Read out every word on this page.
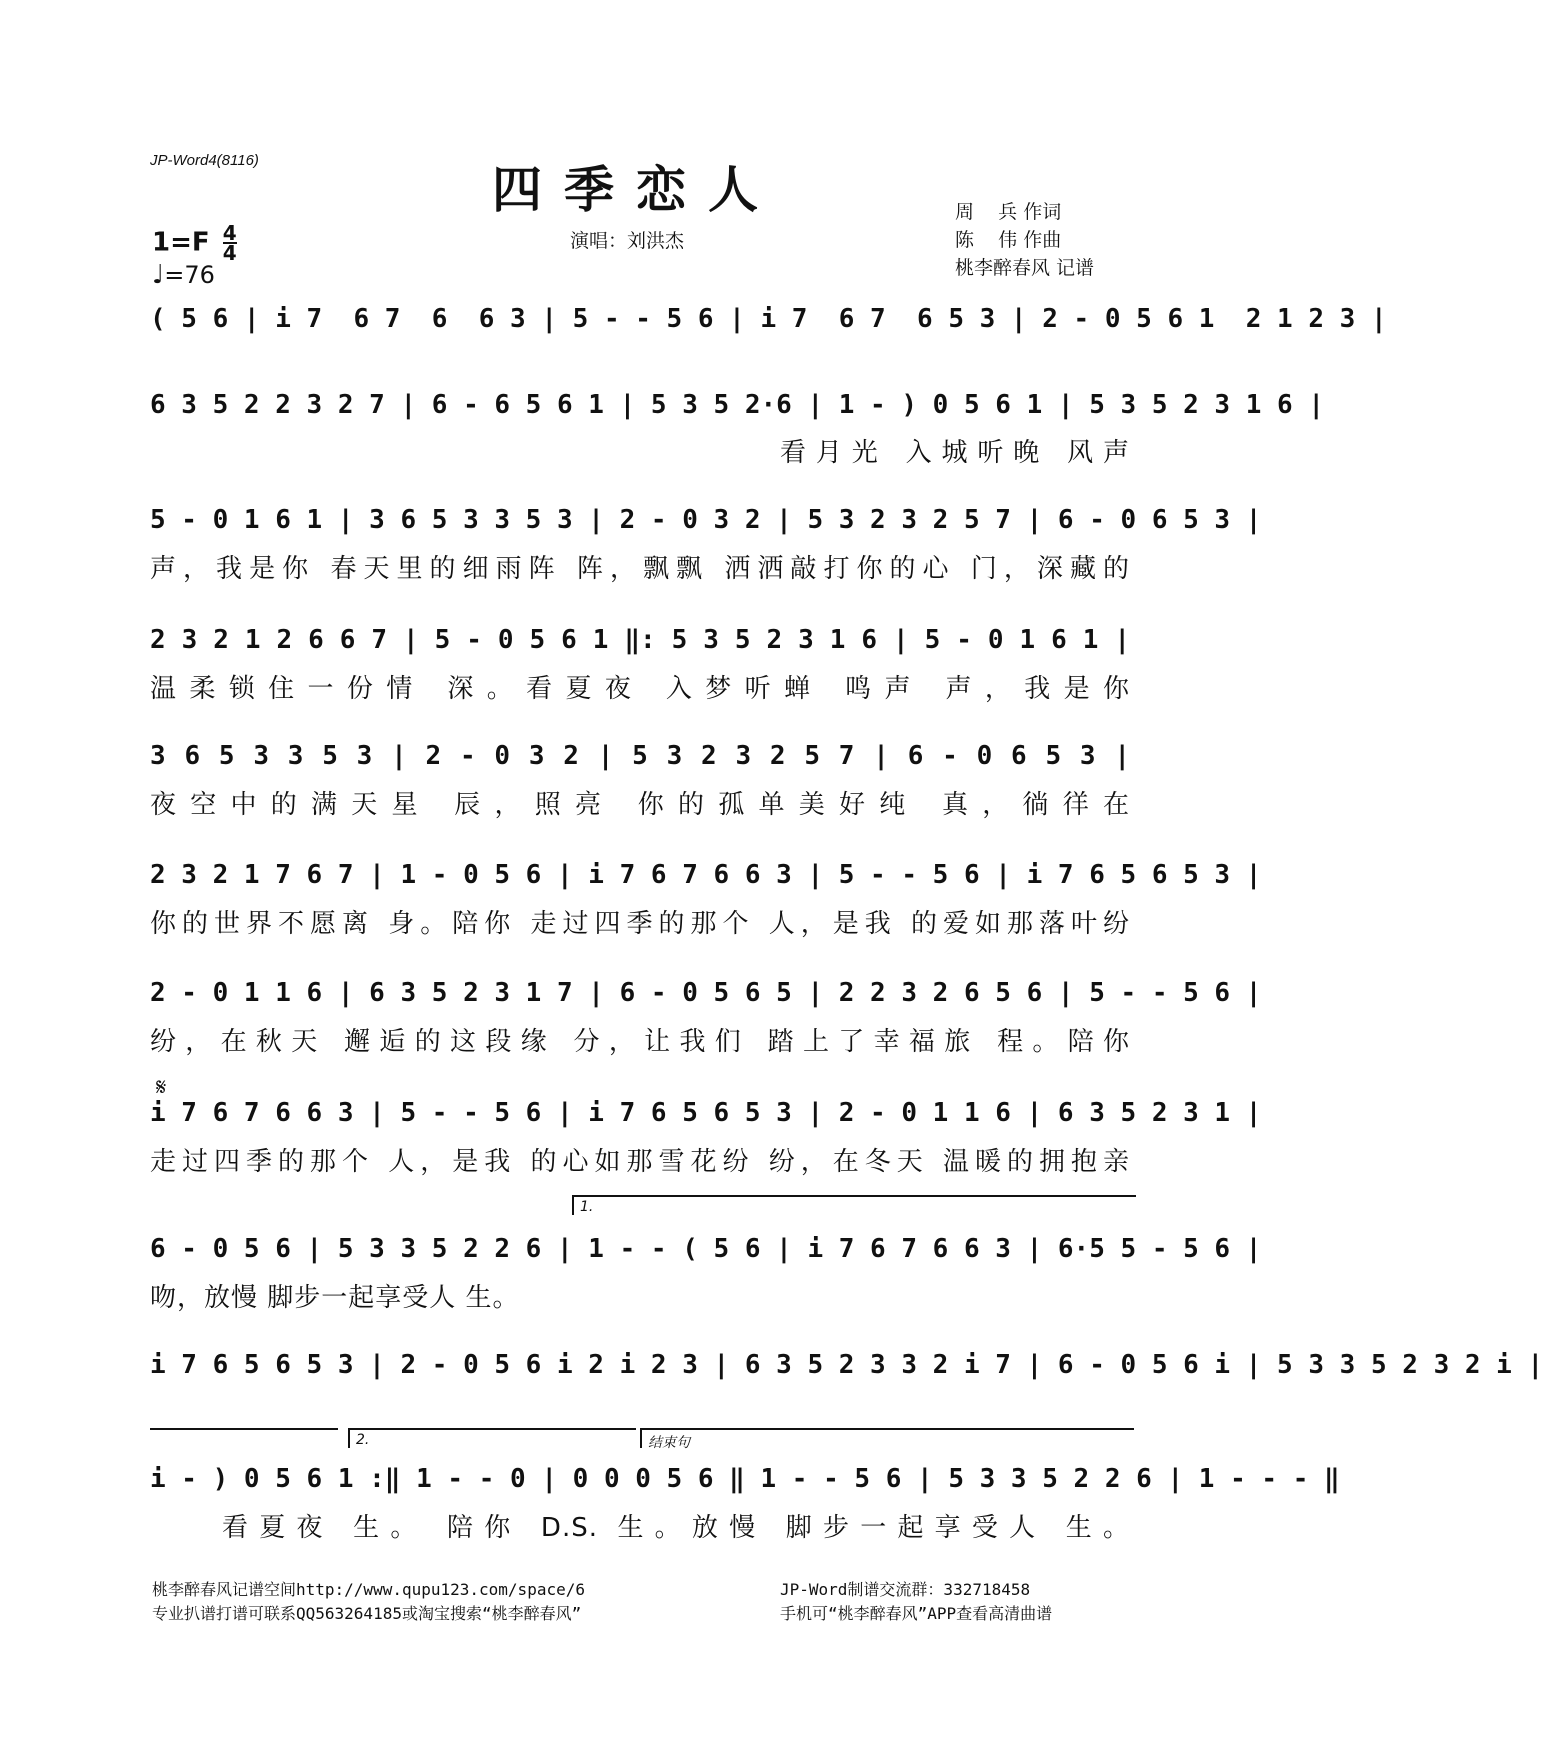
JP-Word4(8116)	四季恋人
演唱：刘洪杰
周    兵 作词
陈    伟 作曲
桃李醉春风 记谱
$1=F \frac{4}{4}$
♩=76
( 5 6 | i 7  6 7  6  6 3 | 5 - - 5 6 | i 7  6 7  6 5 3 | 2 - 0 5 6 1  2 1 2 3 |
6 3 5 2 2 3 2 7 | 6 - 6 5 6 1 | 5 3 5 2·6 | 1 - ) 0 5 6 1 | 5 3 5 2 3 1 6 |
看月光 入城听晚 风声
5 - 0 1 6 1 | 3 6 5 3 3 5 3 | 2 - 0 3 2 | 5 3 2 3 2 5 7 | 6 - 0 6 5 3 |
声，我是你 春天里的细雨阵 阵，飘飘 洒洒敲打你的心 门，深藏的
2 3 2 1 2 6 6 7 | 5 - 0 5 6 1 ‖: 5 3 5 2 3 1 6 | 5 - 0 1 6 1 |
温柔锁住一份情 深。看夏夜 入梦听蝉 鸣声 声，我是你
3 6 5 3 3 5 3 | 2 - 0 3 2 | 5 3 2 3 2 5 7 | 6 - 0 6 5 3 |
夜空中的满天星 辰，照亮 你的孤单美好纯 真，徜徉在
2 3 2 1 7 6 7 | 1 - 0 5 6 | i 7 6 7 6 6 3 | 5 - - 5 6 | i 7 6 5 6 5 3 |
你的世界不愿离 身。陪你 走过四季的那个 人，是我 的爱如那落叶纷
2 - 0 1 1 6 | 6 3 5 2 3 1 7 | 6 - 0 5 6 5 | 2 2 3 2 6 5 6 | 5 - - 5 6 |
纷，在秋天 邂逅的这段缘 分，让我们 踏上了幸福旅 程。陪你
𝄋
i 7 6 7 6 6 3 | 5 - - 5 6 | i 7 6 5 6 5 3 | 2 - 0 1 1 6 | 6 3 5 2 3 1 |
走过四季的那个 人，是我 的心如那雪花纷 纷，在冬天 温暖的拥抱亲
1.
6 - 0 5 6 | 5 3 3 5 2 2 6 | 1 - - ( 5 6 | i 7 6 7 6 6 3 | 6·5 5 - 5 6 |
吻，放慢 脚步一起享受人 生。
i 7 6 5 6 5 3 | 2 - 0 5 6 i 2 i 2 3 | 6 3 5 2 3 3 2 i 7 | 6 - 0 5 6 i | 5 3 3 5 2 3 2 i |
2.	结束句
i - ) 0 5 6 1 :‖ 1 - - 0 | 0 0 0 5 6 ‖ 1 - - 5 6 | 5 3 3 5 2 2 6 | 1 - - - ‖
看夏夜 生。 陪你 D.S. 生。放慢 脚步一起享受人 生。
桃李醉春风记谱空间http://www.qupu123.com/space/6
专业扒谱打谱可联系QQ563264185或淘宝搜索“桃李醉春风”
JP-Word制谱交流群：332718458
手机可“桃李醉春风”APP查看高清曲谱
